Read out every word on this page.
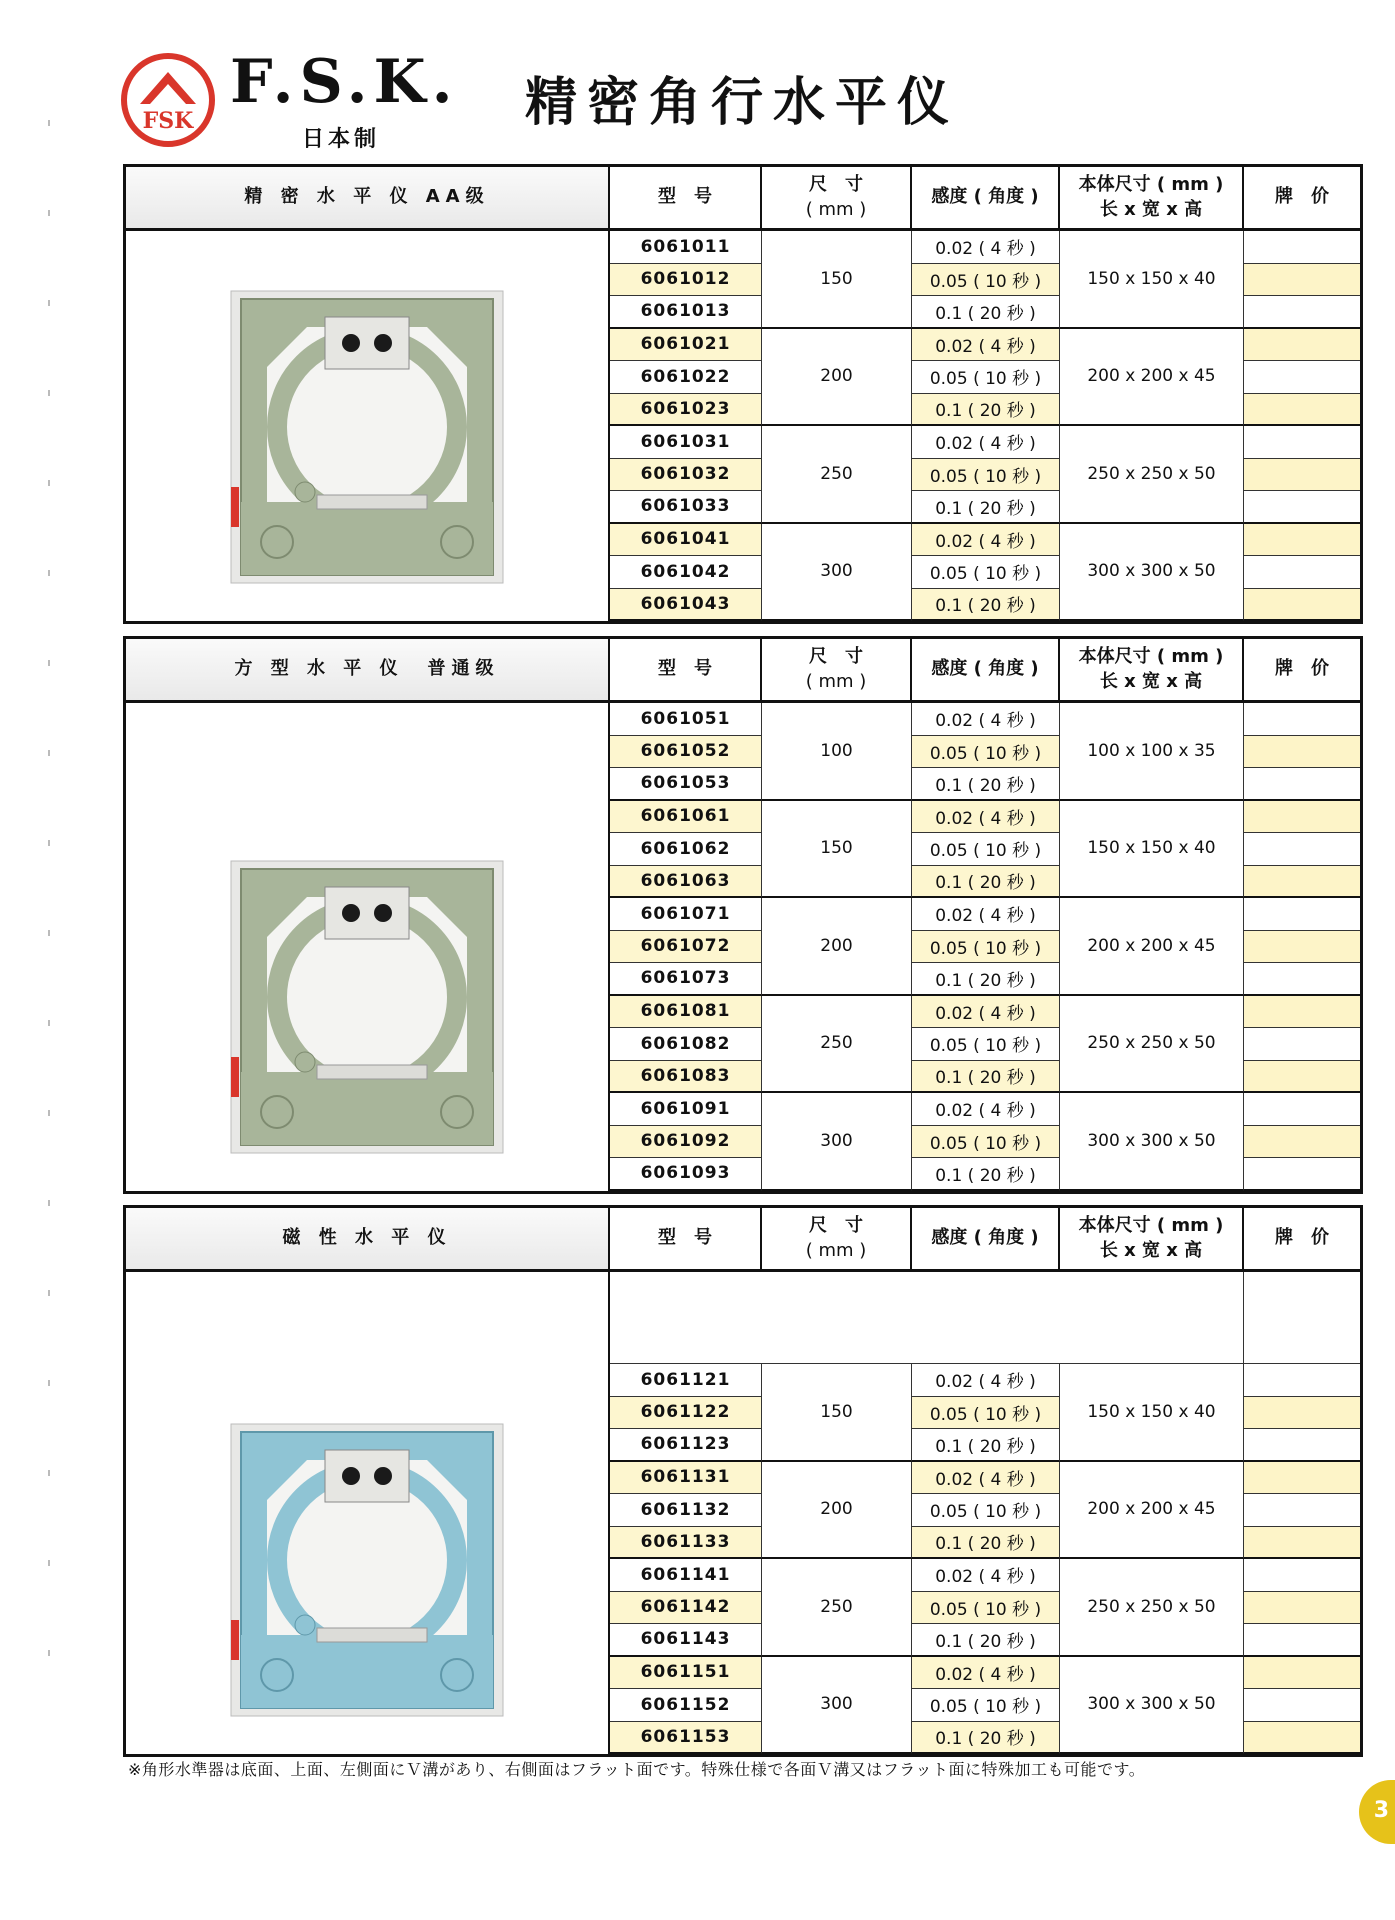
FSK
F.S.K.
日本制
精密角行水平仪
精 密 水 平 仪 AA级	型　号
尺　寸
( mm )
感度 ( 角度 )
本体尺寸 ( mm )
长 x 宽 x 高
牌　价
150	150 x 150 x 40
6061011	0.02 ( 4 秒 )
6061012	0.05 ( 10 秒 )
6061013	0.1 ( 20 秒 )
200	200 x 200 x 45
6061021	0.02 ( 4 秒 )
6061022	0.05 ( 10 秒 )
6061023	0.1 ( 20 秒 )
250	250 x 250 x 50
6061031	0.02 ( 4 秒 )
6061032	0.05 ( 10 秒 )
6061033	0.1 ( 20 秒 )
300	300 x 300 x 50
6061041	0.02 ( 4 秒 )
6061042	0.05 ( 10 秒 )
6061043	0.1 ( 20 秒 )
方 型 水 平 仪　普通级	型　号
尺　寸
( mm )
感度 ( 角度 )
本体尺寸 ( mm )
长 x 宽 x 高
牌　价
100	100 x 100 x 35
6061051	0.02 ( 4 秒 )
6061052	0.05 ( 10 秒 )
6061053	0.1 ( 20 秒 )
150	150 x 150 x 40
6061061	0.02 ( 4 秒 )
6061062	0.05 ( 10 秒 )
6061063	0.1 ( 20 秒 )
200	200 x 200 x 45
6061071	0.02 ( 4 秒 )
6061072	0.05 ( 10 秒 )
6061073	0.1 ( 20 秒 )
250	250 x 250 x 50
6061081	0.02 ( 4 秒 )
6061082	0.05 ( 10 秒 )
6061083	0.1 ( 20 秒 )
300	300 x 300 x 50
6061091	0.02 ( 4 秒 )
6061092	0.05 ( 10 秒 )
6061093	0.1 ( 20 秒 )
磁 性 水 平 仪	型　号
尺　寸
( mm )
感度 ( 角度 )
本体尺寸 ( mm )
长 x 宽 x 高
牌　价
150	150 x 150 x 40
6061121	0.02 ( 4 秒 )
6061122	0.05 ( 10 秒 )
6061123	0.1 ( 20 秒 )
200	200 x 200 x 45
6061131	0.02 ( 4 秒 )
6061132	0.05 ( 10 秒 )
6061133	0.1 ( 20 秒 )
250	250 x 250 x 50
6061141	0.02 ( 4 秒 )
6061142	0.05 ( 10 秒 )
6061143	0.1 ( 20 秒 )
300	300 x 300 x 50
6061151	0.02 ( 4 秒 )
6061152	0.05 ( 10 秒 )
6061153	0.1 ( 20 秒 )
※角形水準器は底面、上面、左側面にＶ溝があり、右側面はフラット面です。特殊仕様で各面Ｖ溝又はフラット面に特殊加工も可能です。
3
